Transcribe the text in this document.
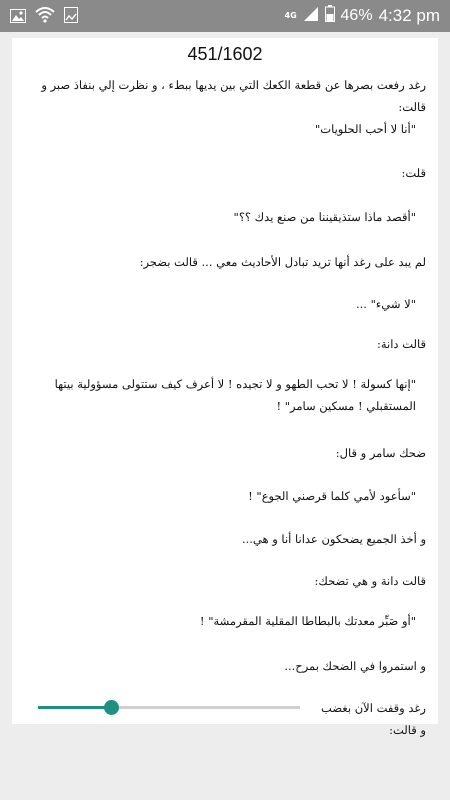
4G	46% 4:32 pm
451/1602
رغد رفعت بصرها عن قطعة الكعك التي بين يديها ببطء ، و نظرت إلي بنفاذ صبر و قالت:
"أنا لا أحب الحلويات"
قلت:
"أقصد ماذا ستذيقيننا من صنع يدك ؟؟"
لم يبد على رغد أنها تريد تبادل الأحاديث معي ... قالت بضجر:
"لا شيء" ...
قالت دانة:
"إنها كسولة ! لا تحب الطهو و لا تجيده ! لا أعرف كيف ستتولى مسؤولية بيتها المستقبلي ! مسكين سامر" !
ضحك سامر و قال:
"سأعود لأمي كلما قرصني الجوع" !
و أخذ الجميع يضحكون عدانا أنا و هي...
قالت دانة و هي تضحك:
"أو صَبِّر معدتك بالبطاطا المقلية المقرمشة" !
و استمروا في الضحك بمرح...
رغد وقفت الآن بغضب و قالت:
